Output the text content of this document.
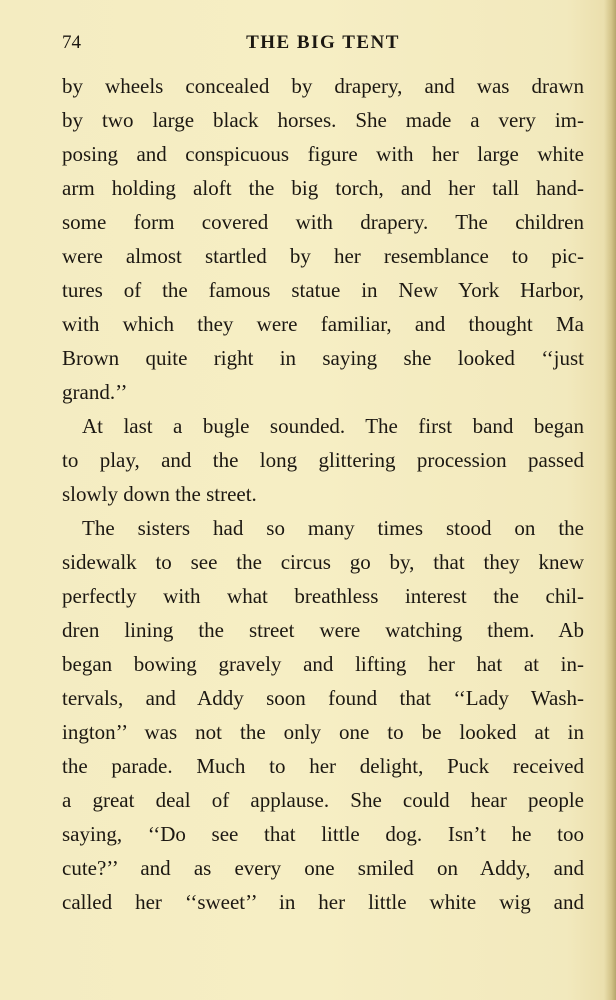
74	THE BIG TENT
by wheels concealed by drapery, and was drawn
by two large black horses. She made a very im-
posing and conspicuous figure with her large white
arm holding aloft the big torch, and her tall hand-
some form covered with drapery. The children
were almost startled by her resemblance to pic-
tures of the famous statue in New York Harbor,
with which they were familiar, and thought Ma
Brown quite right in saying she looked ‘‘just
grand.’’
At last a bugle sounded. The first band began
to play, and the long glittering procession passed
slowly down the street.
The sisters had so many times stood on the
sidewalk to see the circus go by, that they knew
perfectly with what breathless interest the chil-
dren lining the street were watching them. Ab
began bowing gravely and lifting her hat at in-
tervals, and Addy soon found that ‘‘Lady Wash-
ington’’ was not the only one to be looked at in
the parade. Much to her delight, Puck received
a great deal of applause. She could hear people
saying, ‘‘Do see that little dog. Isn’t he too
cute?’’ and as every one smiled on Addy, and
called her ‘‘sweet’’ in her little white wig and
